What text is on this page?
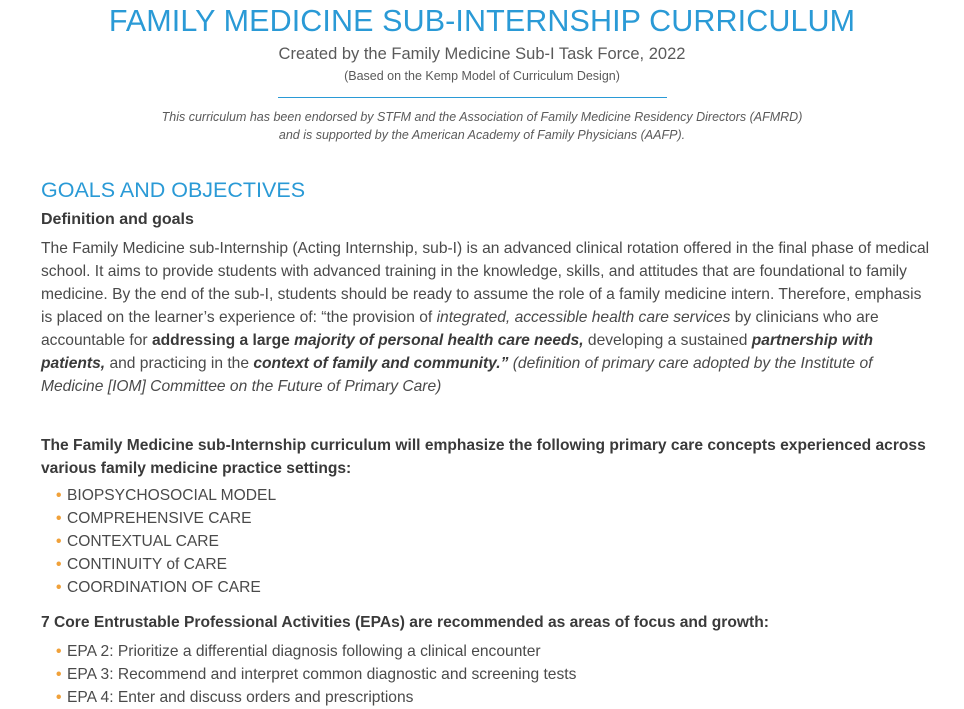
FAMILY MEDICINE SUB-INTERNSHIP CURRICULUM
Created by the Family Medicine Sub-I Task Force, 2022
(Based on the Kemp Model of Curriculum Design)
This curriculum has been endorsed by STFM and the Association of Family Medicine Residency Directors (AFMRD)
and is supported by the American Academy of Family Physicians (AAFP).
GOALS AND OBJECTIVES
Definition and goals
The Family Medicine sub-Internship (Acting Internship, sub-I) is an advanced clinical rotation offered in the final phase of medical school. It aims to provide students with advanced training in the knowledge, skills, and attitudes that are foundational to family medicine. By the end of the sub-I, students should be ready to assume the role of a family medicine intern. Therefore, emphasis is placed on the learner’s experience of: “the provision of integrated, accessible health care services by clinicians who are accountable for addressing a large majority of personal health care needs, developing a sustained partnership with patients, and practicing in the context of family and community.” (definition of primary care adopted by the Institute of Medicine [IOM] Committee on the Future of Primary Care)
The Family Medicine sub-Internship curriculum will emphasize the following primary care concepts experienced across various family medicine practice settings:
• BIOPSYCHOSOCIAL MODEL
• COMPREHENSIVE CARE
• CONTEXTUAL CARE
• CONTINUITY of CARE
• COORDINATION OF CARE
7 Core Entrustable Professional Activities (EPAs) are recommended as areas of focus and growth:
• EPA 2: Prioritize a differential diagnosis following a clinical encounter
• EPA 3: Recommend and interpret common diagnostic and screening tests
• EPA 4: Enter and discuss orders and prescriptions
